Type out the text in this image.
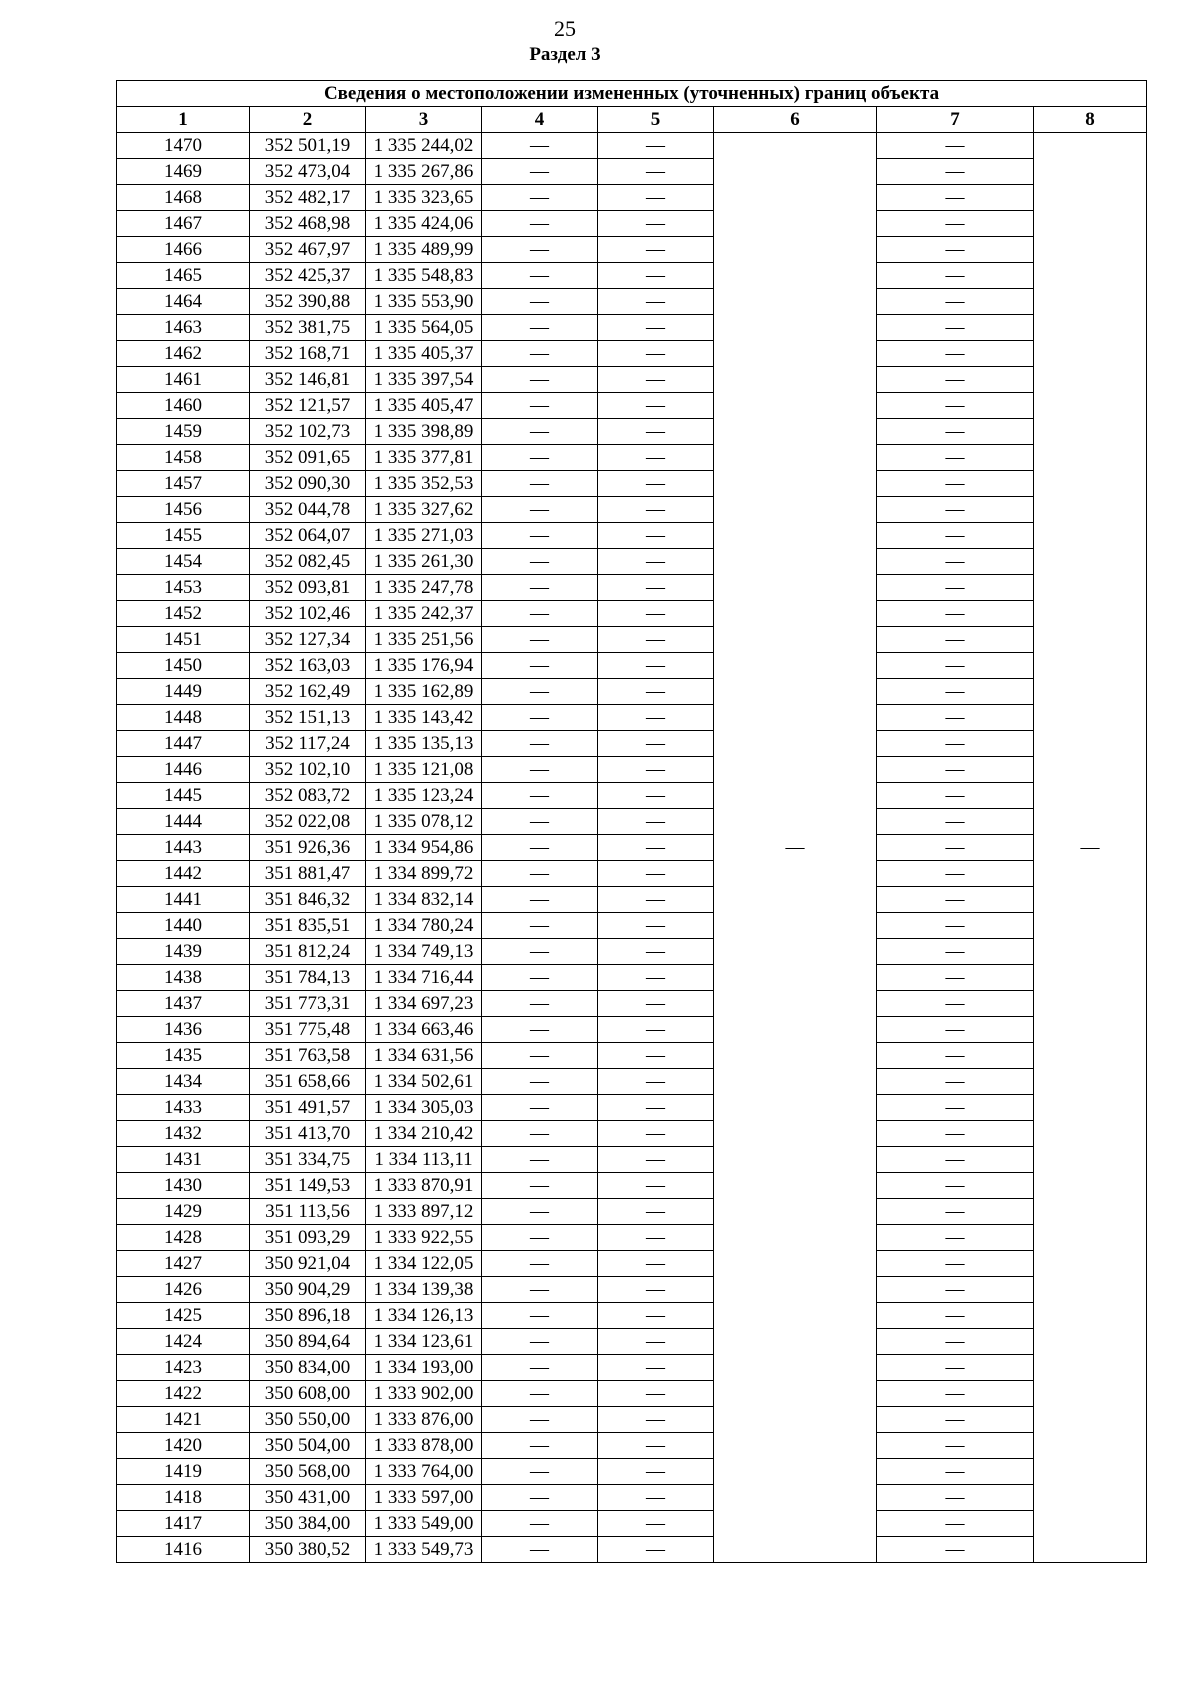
25
Раздел 3
Сведения о местоположении измененных (уточненных) границ объекта							
1	2	3	4	5	6	7	8
1470	352 501,19	1 335 244,02	—	—	—	—	—
1469	352 473,04	1 335 267,86	—	—		—	
1468	352 482,17	1 335 323,65	—	—		—	
1467	352 468,98	1 335 424,06	—	—		—	
1466	352 467,97	1 335 489,99	—	—		—	
1465	352 425,37	1 335 548,83	—	—		—	
1464	352 390,88	1 335 553,90	—	—		—	
1463	352 381,75	1 335 564,05	—	—		—	
1462	352 168,71	1 335 405,37	—	—		—	
1461	352 146,81	1 335 397,54	—	—		—	
1460	352 121,57	1 335 405,47	—	—		—	
1459	352 102,73	1 335 398,89	—	—		—	
1458	352 091,65	1 335 377,81	—	—		—	
1457	352 090,30	1 335 352,53	—	—		—	
1456	352 044,78	1 335 327,62	—	—		—	
1455	352 064,07	1 335 271,03	—	—		—	
1454	352 082,45	1 335 261,30	—	—		—	
1453	352 093,81	1 335 247,78	—	—		—	
1452	352 102,46	1 335 242,37	—	—		—	
1451	352 127,34	1 335 251,56	—	—		—	
1450	352 163,03	1 335 176,94	—	—		—	
1449	352 162,49	1 335 162,89	—	—		—	
1448	352 151,13	1 335 143,42	—	—		—	
1447	352 117,24	1 335 135,13	—	—		—	
1446	352 102,10	1 335 121,08	—	—		—	
1445	352 083,72	1 335 123,24	—	—		—	
1444	352 022,08	1 335 078,12	—	—		—	
1443	351 926,36	1 334 954,86	—	—		—	
1442	351 881,47	1 334 899,72	—	—		—	
1441	351 846,32	1 334 832,14	—	—		—	
1440	351 835,51	1 334 780,24	—	—		—	
1439	351 812,24	1 334 749,13	—	—		—	
1438	351 784,13	1 334 716,44	—	—		—	
1437	351 773,31	1 334 697,23	—	—		—	
1436	351 775,48	1 334 663,46	—	—		—	
1435	351 763,58	1 334 631,56	—	—		—	
1434	351 658,66	1 334 502,61	—	—		—	
1433	351 491,57	1 334 305,03	—	—		—	
1432	351 413,70	1 334 210,42	—	—		—	
1431	351 334,75	1 334 113,11	—	—		—	
1430	351 149,53	1 333 870,91	—	—		—	
1429	351 113,56	1 333 897,12	—	—		—	
1428	351 093,29	1 333 922,55	—	—		—	
1427	350 921,04	1 334 122,05	—	—		—	
1426	350 904,29	1 334 139,38	—	—		—	
1425	350 896,18	1 334 126,13	—	—		—	
1424	350 894,64	1 334 123,61	—	—		—	
1423	350 834,00	1 334 193,00	—	—		—	
1422	350 608,00	1 333 902,00	—	—		—	
1421	350 550,00	1 333 876,00	—	—		—	
1420	350 504,00	1 333 878,00	—	—		—	
1419	350 568,00	1 333 764,00	—	—		—	
1418	350 431,00	1 333 597,00	—	—		—	
1417	350 384,00	1 333 549,00	—	—		—	
1416	350 380,52	1 333 549,73	—	—		—	
